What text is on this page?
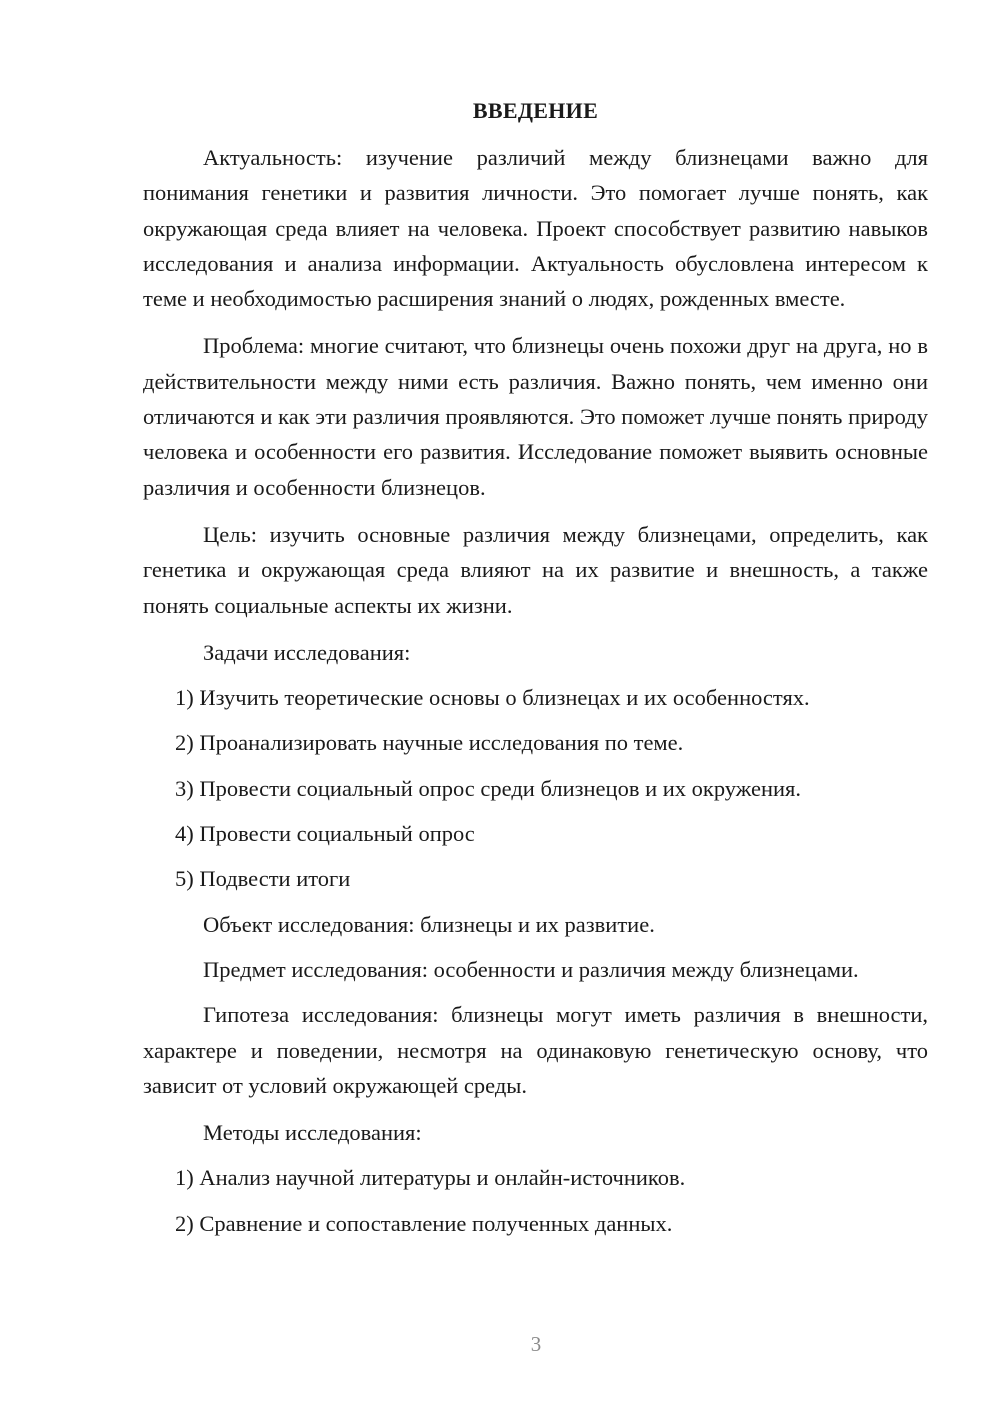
ВВЕДЕНИЕ

Актуальность: изучение различий между близнецами важно для понимания генетики и развития личности. Это помогает лучше понять, как окружающая среда влияет на человека. Проект способствует развитию навыков исследования и анализа информации. Актуальность обусловлена интересом к теме и необходимостью расширения знаний о людях, рожденных вместе.

Проблема: многие считают, что близнецы очень похожи друг на друга, но в действительности между ними есть различия. Важно понять, чем именно они отличаются и как эти различия проявляются. Это поможет лучше понять природу человека и особенности его развития. Исследование поможет выявить основные различия и особенности близнецов.

Цель: изучить основные различия между близнецами, определить, как генетика и окружающая среда влияют на их развитие и внешность, а также понять социальные аспекты их жизни.

Задачи исследования:
1) Изучить теоретические основы о близнецах и их особенностях.
2) Проанализировать научные исследования по теме.
3) Провести социальный опрос среди близнецов и их окружения.
4) Провести социальный опрос
5) Подвести итоги
Объект исследования: близнецы и их развитие.
Предмет исследования: особенности и различия между близнецами.

Гипотеза исследования: близнецы могут иметь различия в внешности, характере и поведении, несмотря на одинаковую генетическую основу, что зависит от условий окружающей среды.

Методы исследования:
1) Анализ научной литературы и онлайн-источников.
2) Сравнение и сопоставление полученных данных.
3
